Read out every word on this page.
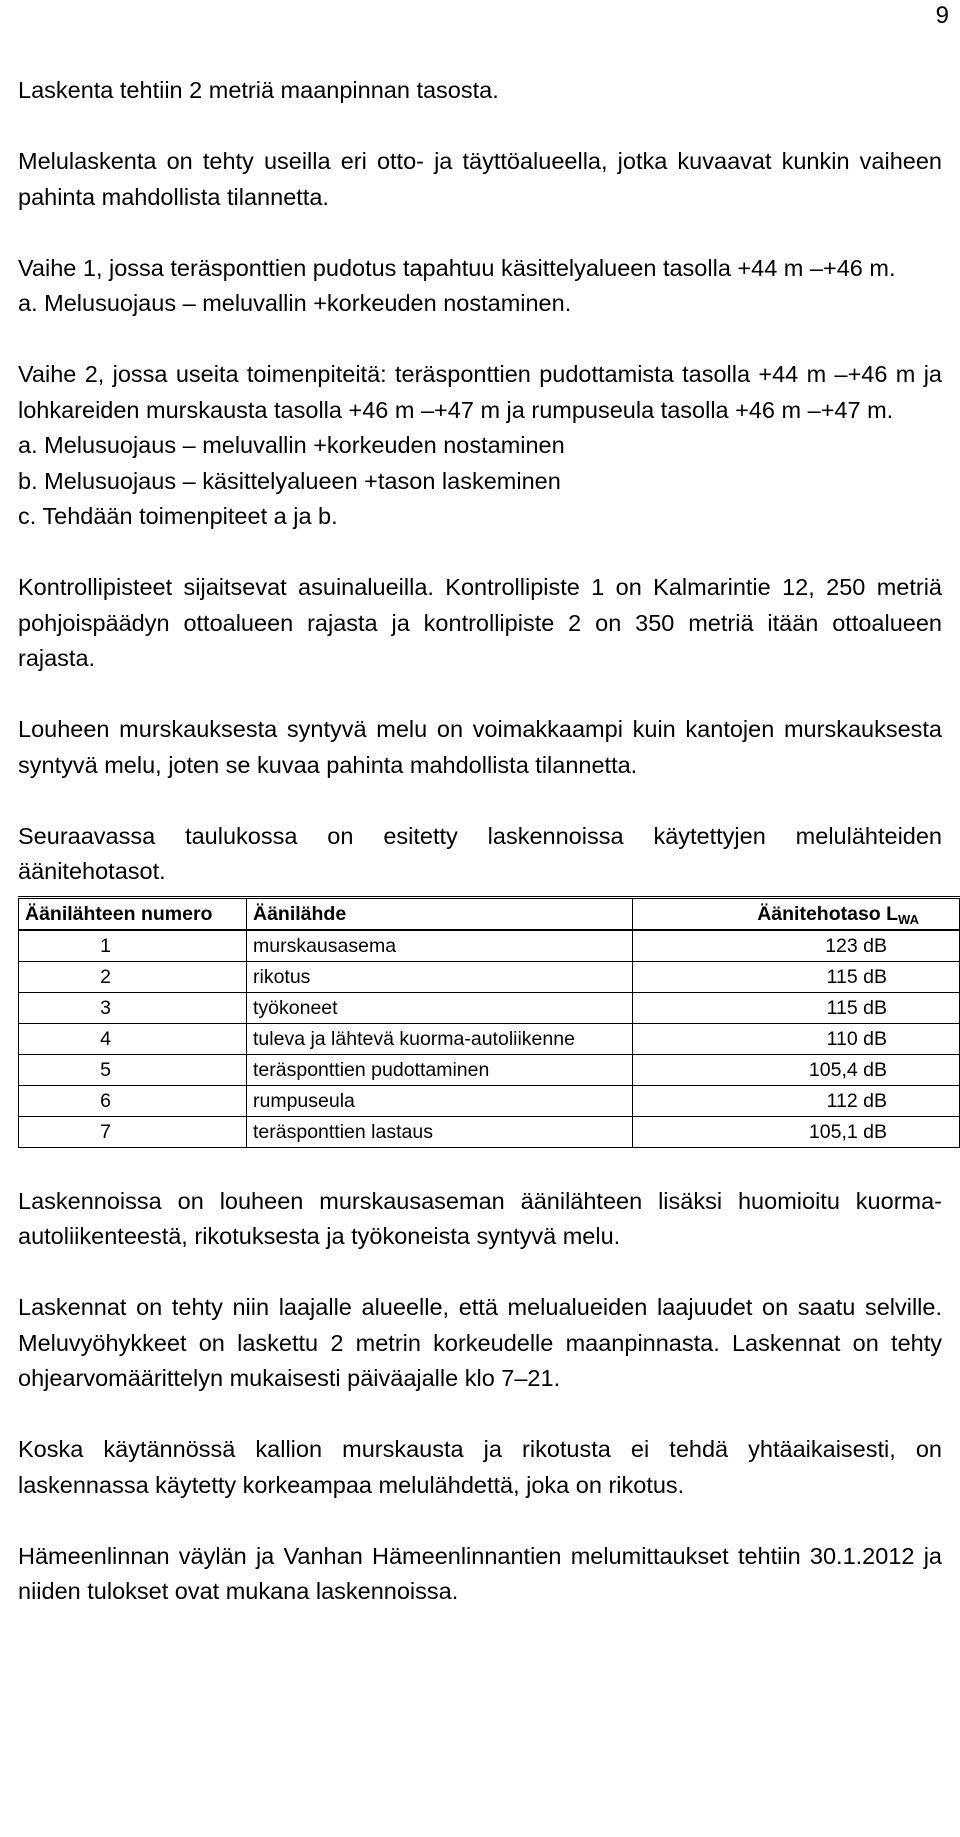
9

Laskenta tehtiin 2 metriä maanpinnan tasosta.

Melulaskenta on tehty useilla eri otto- ja täyttöalueella, jotka kuvaavat kunkin vaiheen pahinta mahdollista tilannetta.

Vaihe 1, jossa teräsponttien pudotus tapahtuu käsittelyalueen tasolla +44 m –+46 m.

a. Melusuojaus – meluvallin +korkeuden nostaminen.

Vaihe 2, jossa useita toimenpiteitä: teräsponttien pudottamista tasolla +44 m –+46 m ja lohkareiden murskausta tasolla +46 m –+47 m ja rumpuseula tasolla +46 m –+47 m.

a. Melusuojaus – meluvallin +korkeuden nostaminen

b. Melusuojaus – käsittelyalueen +tason laskeminen

c. Tehdään toimenpiteet a ja b.

Kontrollipisteet sijaitsevat asuinalueilla. Kontrollipiste 1 on Kalmarintie 12, 250 metriä pohjoispäädyn ottoalueen rajasta ja kontrollipiste 2 on 350 metriä itään ottoalueen rajasta.

Louheen murskauksesta syntyvä melu on voimakkaampi kuin kantojen murskauksesta syntyvä melu, joten se kuvaa pahinta mahdollista tilannetta.

Seuraavassa taulukossa on esitetty laskennoissa käytettyjen melulähteiden äänitehotasot.

Äänilähteen numero	Äänilähde	Äänitehotaso $L_{WA}$
1	murskausasema	123 dB
2	rikotus	115 dB
3	työkoneet	115 dB
4	tuleva ja lähtevä kuorma-autoliikenne	110 dB
5	teräsponttien pudottaminen	105,4 dB
6	rumpuseula	112 dB
7	teräsponttien lastaus	105,1 dB

Laskennoissa on louheen murskausaseman äänilähteen lisäksi huomioitu kuorma-autoliikenteestä, rikotuksesta ja työkoneista syntyvä melu.

Laskennat on tehty niin laajalle alueelle, että melualueiden laajuudet on saatu selville. Meluvyöhykkeet on laskettu 2 metrin korkeudelle maanpinnasta. Laskennat on tehty ohjearvomäärittelyn mukaisesti päiväajalle klo 7–21.

Koska käytännössä kallion murskausta ja rikotusta ei tehdä yhtäaikaisesti, on laskennassa käytetty korkeampaa melulähdettä, joka on rikotus.

Hämeenlinnan väylän ja Vanhan Hämeenlinnantien melumittaukset tehtiin 30.1.2012 ja niiden tulokset ovat mukana laskennoissa.
